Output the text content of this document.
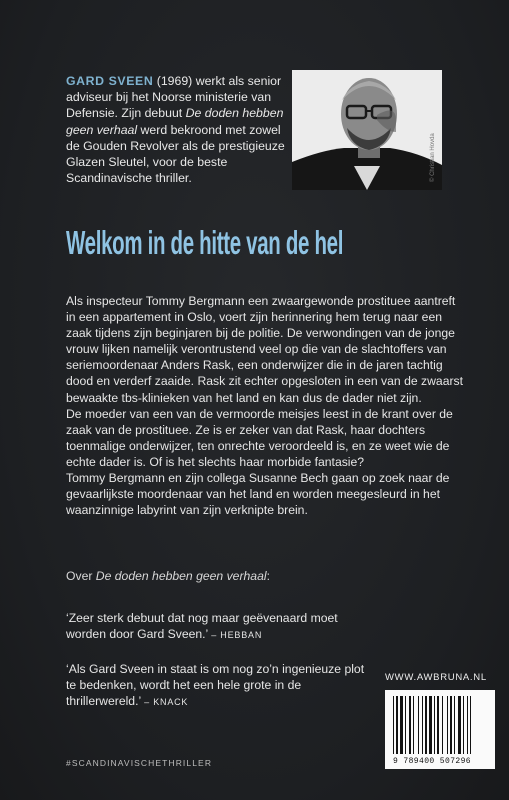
GARD SVEEN (1969) werkt als senior adviseur bij het Noorse ministerie van Defensie. Zijn debuut De doden hebben geen verhaal werd bekroond met zowel de Gouden Revolver als de prestigieuze Glazen Sleutel, voor de beste Scandinavische thriller.	© Christian Hovda
Welkom in de hitte van de hel

Als inspecteur Tommy Bergmann een zwaargewonde prostituee aantreft in een appartement in Oslo, voert zijn herinnering hem terug naar een zaak tijdens zijn beginjaren bij de politie. De verwondingen van de jonge vrouw lijken namelijk verontrustend veel op die van de slachtoffers van seriemoordenaar Anders Rask, een onderwijzer die in de jaren tachtig dood en verderf zaaide. Rask zit echter opgesloten in een van de zwaarst bewaakte tbs-klinieken van het land en kan dus de dader niet zijn.

De moeder van een van de vermoorde meisjes leest in de krant over de zaak van de prostituee. Ze is er zeker van dat Rask, haar dochters toenmalige onderwijzer, ten onrechte veroordeeld is, en ze weet wie de echte dader is. Of is het slechts haar morbide fantasie?

Tommy Bergmann en zijn collega Susanne Bech gaan op zoek naar de gevaarlijkste moordenaar van het land en worden meegesleurd in het waanzinnige labyrint van zijn verknipte brein.

Over De doden hebben geen verhaal:
‘Zeer sterk debuut dat nog maar geëvenaard moet worden door Gard Sveen.’ – HEBBAN
‘Als Gard Sveen in staat is om nog zo’n ingenieuze plot te bedenken, wordt het een hele grote in de thrillerwereld.’ – KNACK
#SCANDINAVISCHETHRILLER
WWW.AWBRUNA.NL
9 789400 507296
